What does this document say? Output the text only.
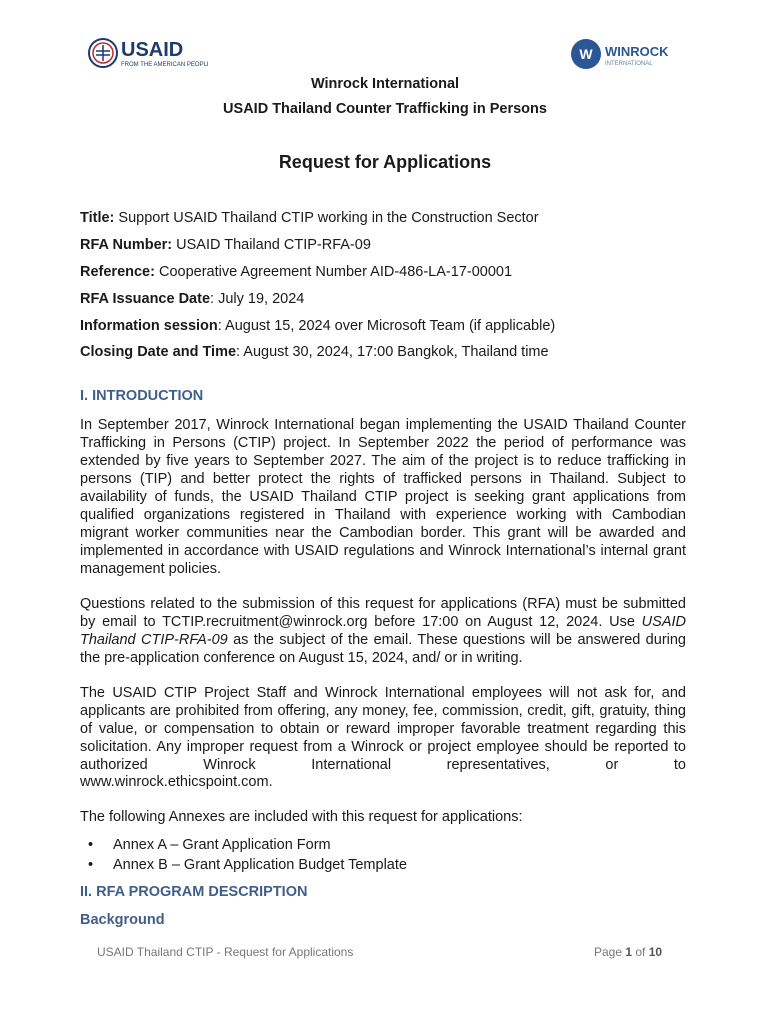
USAID
FROM THE AMERICAN PEOPLE
W WINROCK
INTERNATIONAL
Winrock International
USAID Thailand Counter Trafficking in Persons
Request for Applications
Title: Support USAID Thailand CTIP working in the Construction Sector
RFA Number: USAID Thailand CTIP-RFA-09
Reference: Cooperative Agreement Number AID-486-LA-17-00001
RFA Issuance Date: July 19, 2024
Information session: August 15, 2024 over Microsoft Team (if applicable)
Closing Date and Time: August 30, 2024, 17:00 Bangkok, Thailand time
I. INTRODUCTION

In September 2017, Winrock International began implementing the USAID Thailand Counter Trafficking in Persons (CTIP) project. In September 2022 the period of performance was extended by five years to September 2027. The aim of the project is to reduce trafficking in persons (TIP) and better protect the rights of trafficked persons in Thailand. Subject to availability of funds, the USAID Thailand CTIP project is seeking grant applications from qualified organizations registered in Thailand with experience working with Cambodian migrant worker communities near the Cambodian border. This grant will be awarded and implemented in accordance with USAID regulations and Winrock International’s internal grant management policies.

Questions related to the submission of this request for applications (RFA) must be submitted by email to TCTIP.recruitment@winrock.org before 17:00 on August 12, 2024. Use USAID Thailand CTIP-RFA-09 as the subject of the email. These questions will be answered during the pre-application conference on August 15, 2024, and/ or in writing.

The USAID CTIP Project Staff and Winrock International employees will not ask for, and applicants are prohibited from offering, any money, fee, commission, credit, gift, gratuity, thing of value, or compensation to obtain or reward improper favorable treatment regarding this solicitation. Any improper request from a Winrock or project employee should be reported to authorized Winrock International representatives, or to

www.winrock.ethicspoint.com.
The following Annexes are included with this request for applications:
• Annex A – Grant Application Form
• Annex B – Grant Application Budget Template
II. RFA PROGRAM DESCRIPTION
Background
USAID Thailand CTIP - Request for Applications	Page 1 of 10
